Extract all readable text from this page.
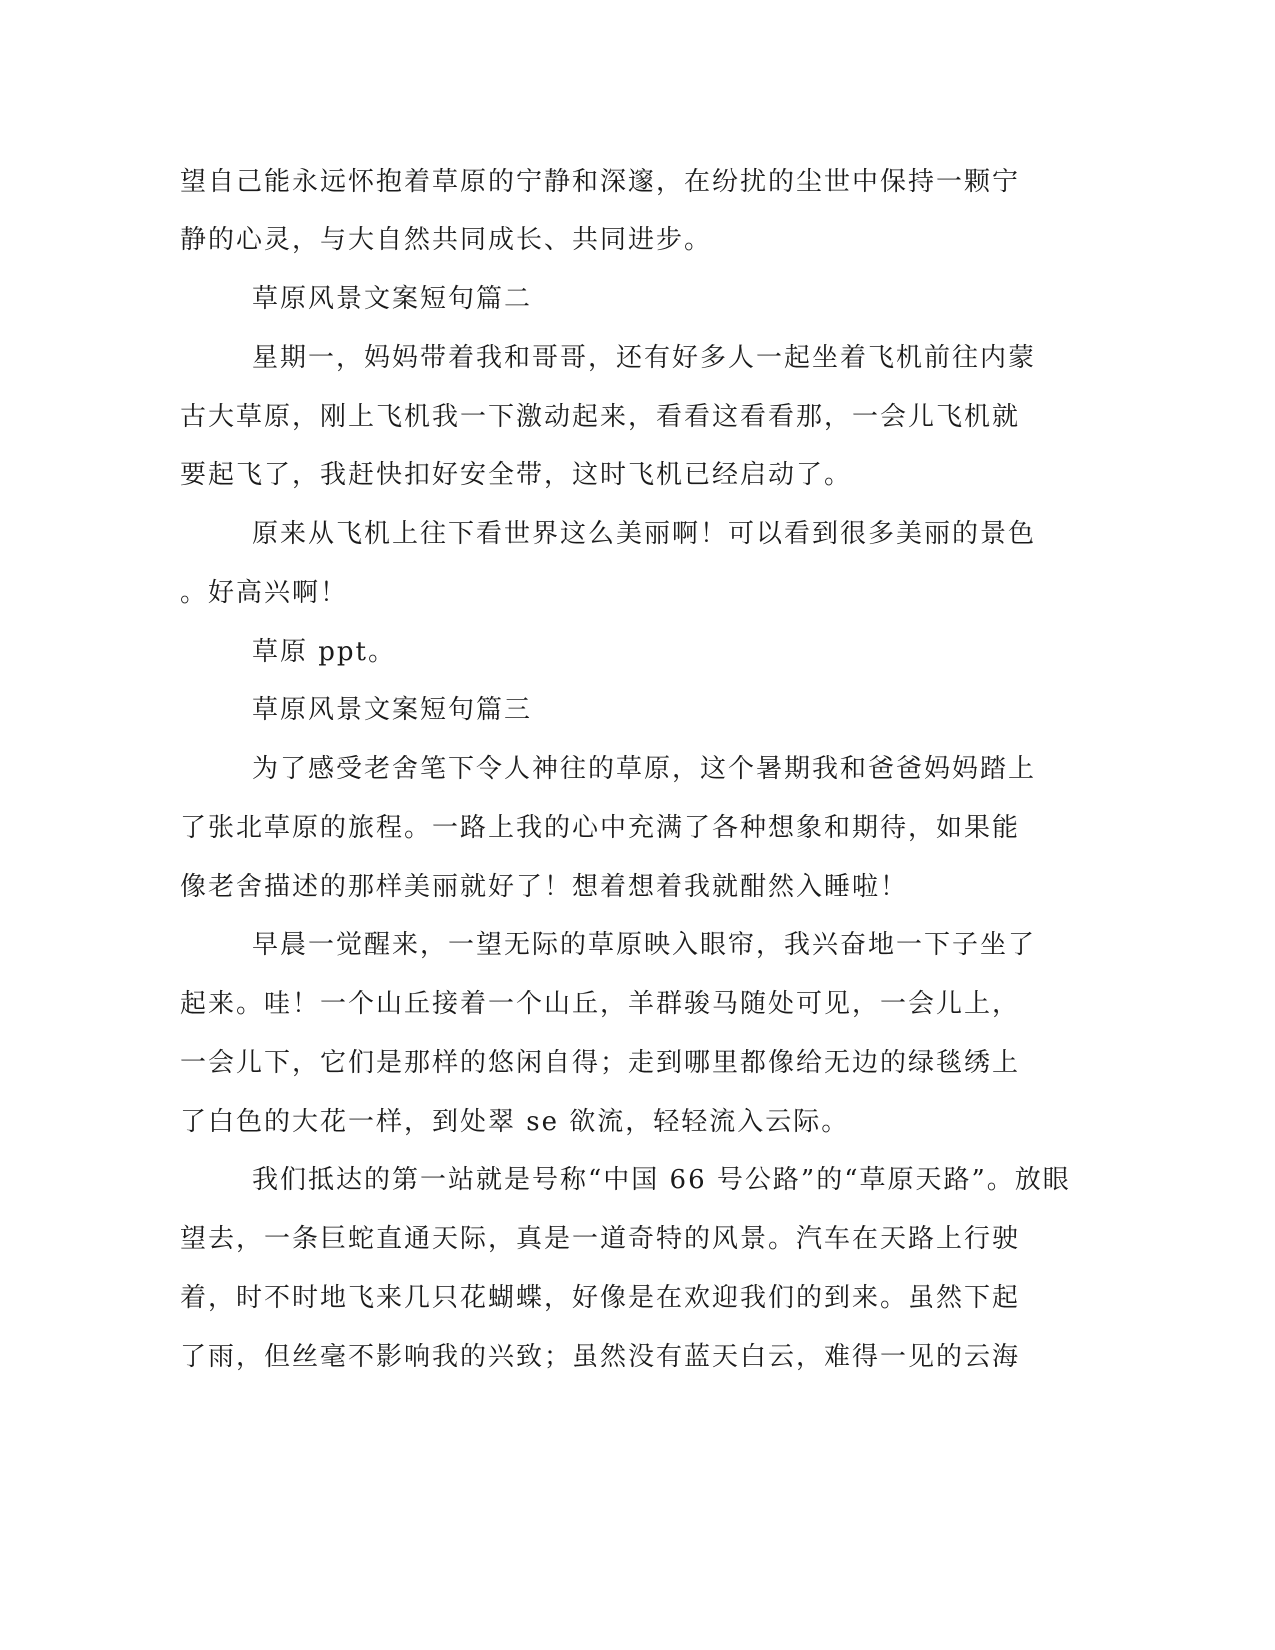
望自己能永远怀抱着草原的宁静和深邃，在纷扰的尘世中保持一颗宁
静的心灵，与大自然共同成长、共同进步。
草原风景文案短句篇二
星期一，妈妈带着我和哥哥，还有好多人一起坐着飞机前往内蒙
古大草原，刚上飞机我一下激动起来，看看这看看那，一会儿飞机就
要起飞了，我赶快扣好安全带，这时飞机已经启动了。
原来从飞机上往下看世界这么美丽啊！可以看到很多美丽的景色
。好高兴啊！
草原 ppt。
草原风景文案短句篇三
为了感受老舍笔下令人神往的草原，这个暑期我和爸爸妈妈踏上
了张北草原的旅程。一路上我的心中充满了各种想象和期待，如果能
像老舍描述的那样美丽就好了！想着想着我就酣然入睡啦！
早晨一觉醒来，一望无际的草原映入眼帘，我兴奋地一下子坐了
起来。哇！一个山丘接着一个山丘，羊群骏马随处可见，一会儿上，
一会儿下，它们是那样的悠闲自得；走到哪里都像给无边的绿毯绣上
了白色的大花一样，到处翠 se 欲流，轻轻流入云际。
我们抵达的第一站就是号称“中国 66 号公路”的“草原天路”。放眼
望去，一条巨蛇直通天际，真是一道奇特的风景。汽车在天路上行驶
着，时不时地飞来几只花蝴蝶，好像是在欢迎我们的到来。虽然下起
了雨，但丝毫不影响我的兴致；虽然没有蓝天白云，难得一见的云海
